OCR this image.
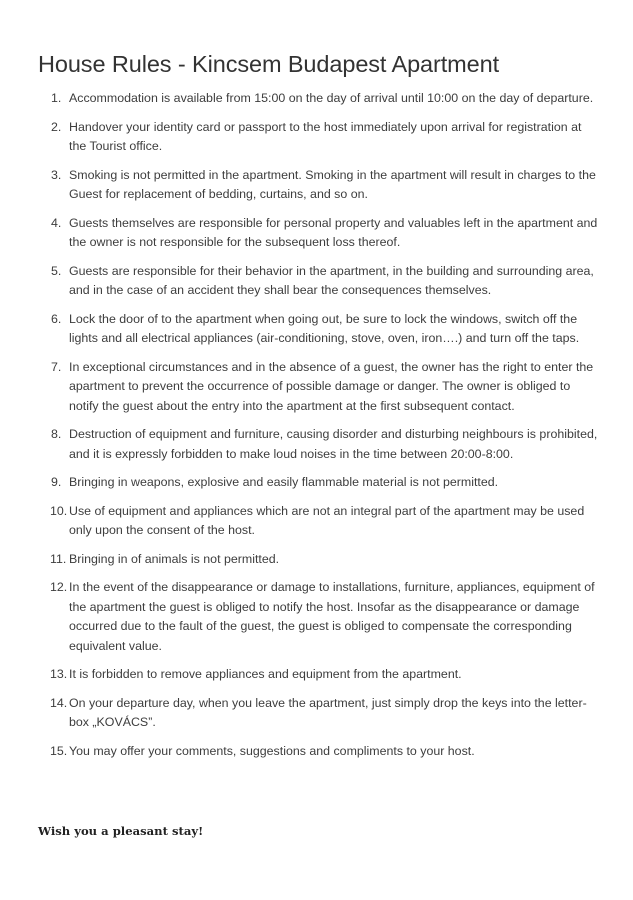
House Rules - Kincsem Budapest Apartment
1. Accommodation is available from 15:00 on the day of arrival until 10:00 on the day of departure.

2. Handover your identity card or passport to the host immediately upon arrival for registration at the Tourist office.

3. Smoking is not permitted in the apartment. Smoking in the apartment will result in charges to the Guest for replacement of bedding, curtains, and so on.

4. Guests themselves are responsible for personal property and valuables left in the apartment and the owner is not responsible for the subsequent loss thereof.

5. Guests are responsible for their behavior in the apartment, in the building and surrounding area, and in the case of an accident they shall bear the consequences themselves.

6. Lock the door of to the apartment when going out, be sure to lock the windows, switch off the lights and all electrical appliances (air-conditioning, stove, oven, iron….) and turn off the taps.

7. In exceptional circumstances and in the absence of a guest, the owner has the right to enter the apartment to prevent the occurrence of possible damage or danger. The owner is obliged to notify the guest about the entry into the apartment at the first subsequent contact.

8. Destruction of equipment and furniture, causing disorder and disturbing neighbours is prohibited, and it is expressly forbidden to make loud noises in the time between 20:00-8:00.

9. Bringing in weapons, explosive and easily flammable material is not permitted.

10. Use of equipment and appliances which are not an integral part of the apartment may be used only upon the consent of the host.

11. Bringing in of animals is not permitted.

12. In the event of the disappearance or damage to installations, furniture, appliances, equipment of the apartment the guest is obliged to notify the host. Insofar as the disappearance or damage occurred due to the fault of the guest, the guest is obliged to compensate the corresponding equivalent value.

13. It is forbidden to remove appliances and equipment from the apartment.

14. On your departure day, when you leave the apartment, just simply drop the keys into the letter-box „KOVÁCS”.

15. You may offer your comments, suggestions and compliments to your host.

Wish you a pleasant stay!
